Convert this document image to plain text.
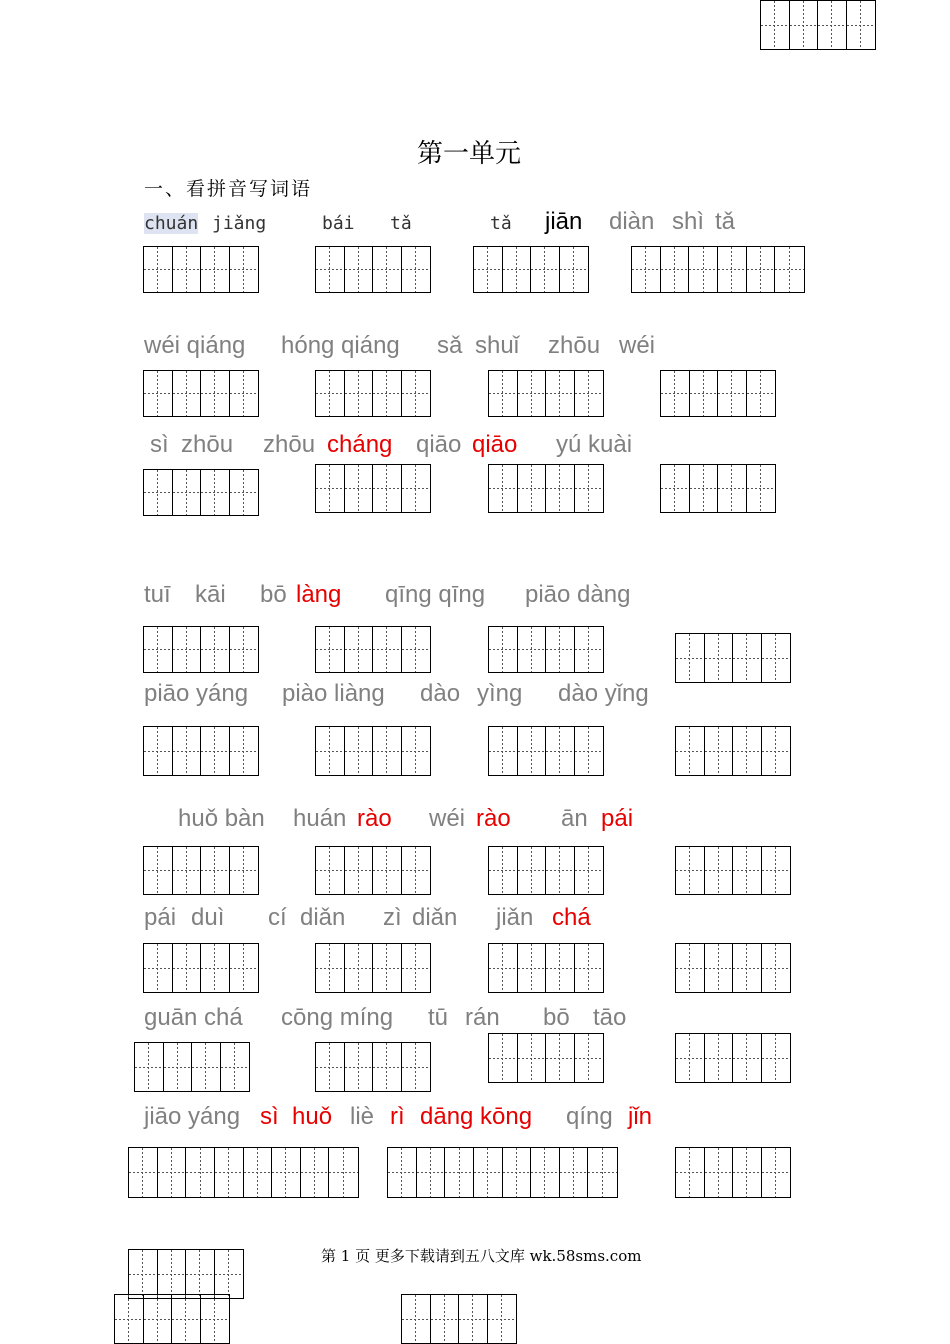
第一单元
一、看拼音写词语
chuán jiǎng	bái tǎ	tǎ jiān diàn shì tǎ
wéi qiáng hóng qiáng sǎ shuǐ zhōu wéi
sì zhōu zhōu cháng qiāo qiāo yú kuài
tuī kāi bō làng qīng qīng piāo dàng
piāo yáng piào liàng dào yìng dào yǐng
huǒ bàn huán rào wéi rào ān pái
pái duì cí diǎn zì diǎn jiǎn chá
guān chá cōng míng tū rán bō tāo
jiāo yáng sì huǒ liè rì dāng kōng qíng jǐn
第 1 页 更多下载请到五八文库 wk.58sms.com
